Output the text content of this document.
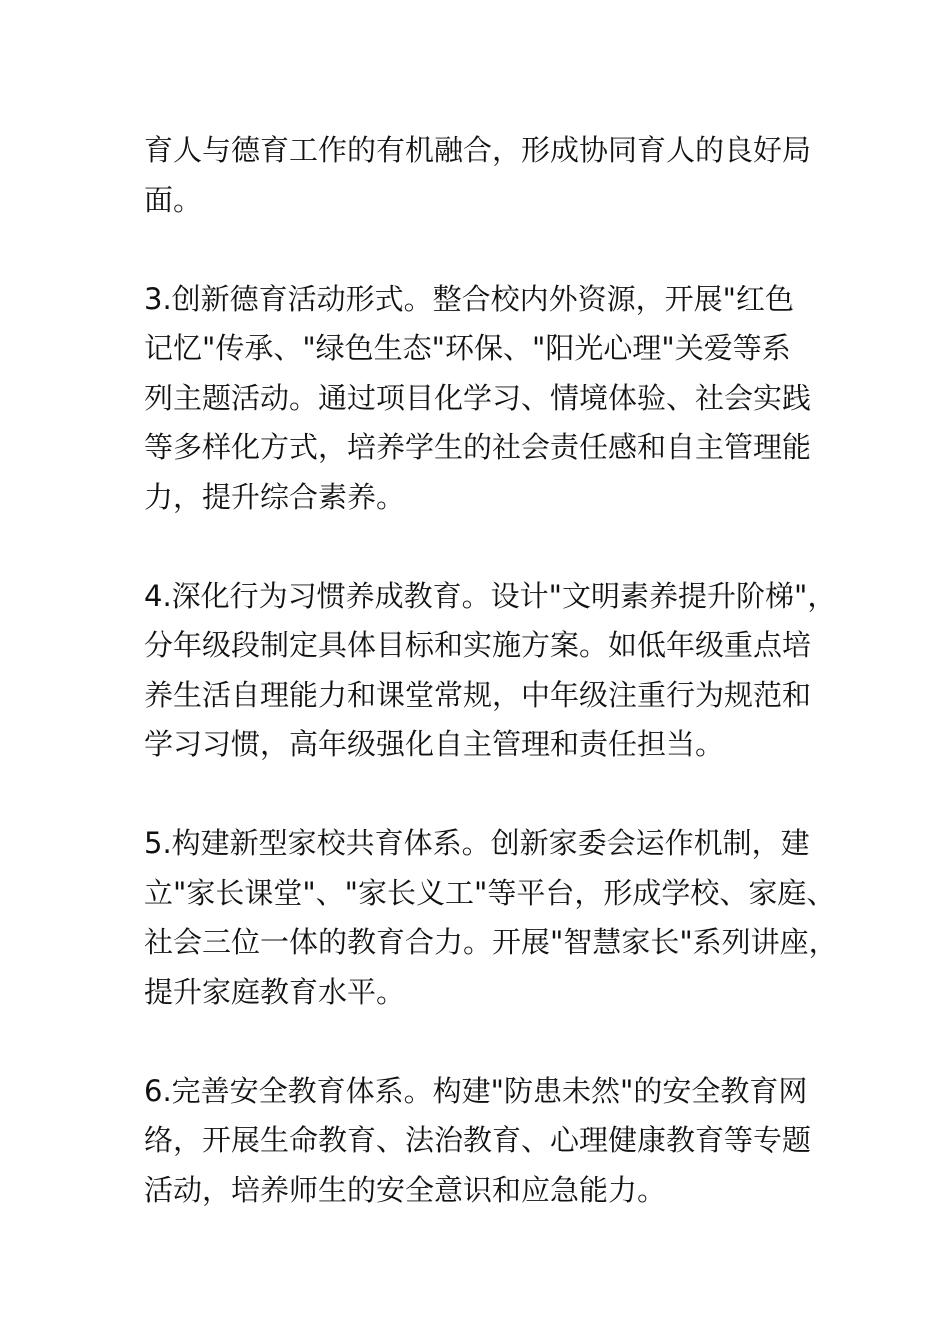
育人与德育工作的有机融合，形成协同育人的良好局
面。
3.创新德育活动形式。整合校内外资源，开展"红色
记忆"传承、"绿色生态"环保、"阳光心理"关爱等系
列主题活动。通过项目化学习、情境体验、社会实践
等多样化方式，培养学生的社会责任感和自主管理能
力，提升综合素养。
4.深化行为习惯养成教育。设计"文明素养提升阶梯"，
分年级段制定具体目标和实施方案。如低年级重点培
养生活自理能力和课堂常规，中年级注重行为规范和
学习习惯，高年级强化自主管理和责任担当。
5.构建新型家校共育体系。创新家委会运作机制，建
立"家长课堂"、"家长义工"等平台，形成学校、家庭、
社会三位一体的教育合力。开展"智慧家长"系列讲座，
提升家庭教育水平。
6.完善安全教育体系。构建"防患未然"的安全教育网
络，开展生命教育、法治教育、心理健康教育等专题
活动，培养师生的安全意识和应急能力。
